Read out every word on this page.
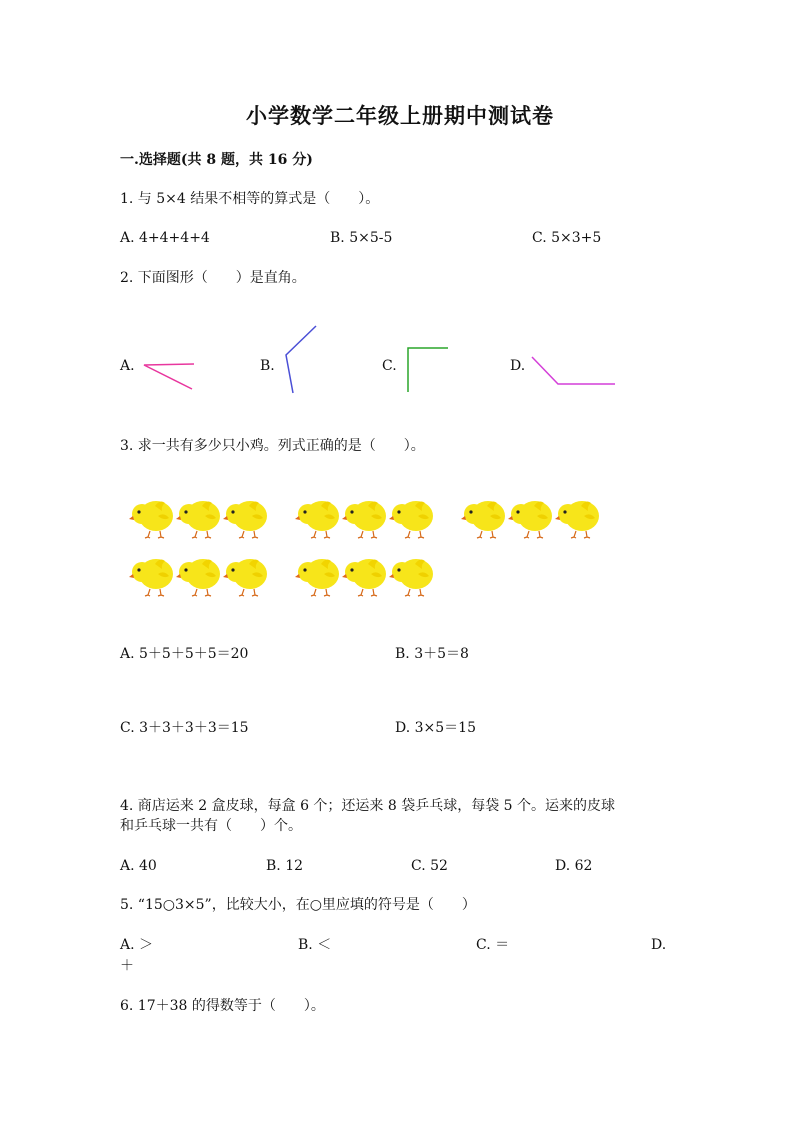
小学数学二年级上册期中测试卷
一.选择题(共 8 题，共 16 分)
1. 与 5×4 结果不相等的算式是（　　）。
A. 4+4+4+4	B. 5×5-5	C. 5×3+5
2. 下面图形（　　）是直角。
A.	B.	C.	D.
3. 求一共有多少只小鸡。列式正确的是（　　）。
A. 5＋5＋5＋5＝20	B. 3＋5＝8
C. 3＋3＋3＋3＝15	D. 3×5＝15
4. 商店运来 2 盒皮球，每盒 6 个；还运来 8 袋乒乓球，每袋 5 个。运来的皮球
和乒乓球一共有（　　）个。
A. 40	B. 12	C. 52	D. 62
5. “15○3×5”，比较大小，在○里应填的符号是（　　）
A. ＞	B. ＜	C. ＝	D.
＋
6. 17＋38 的得数等于（　　）。
